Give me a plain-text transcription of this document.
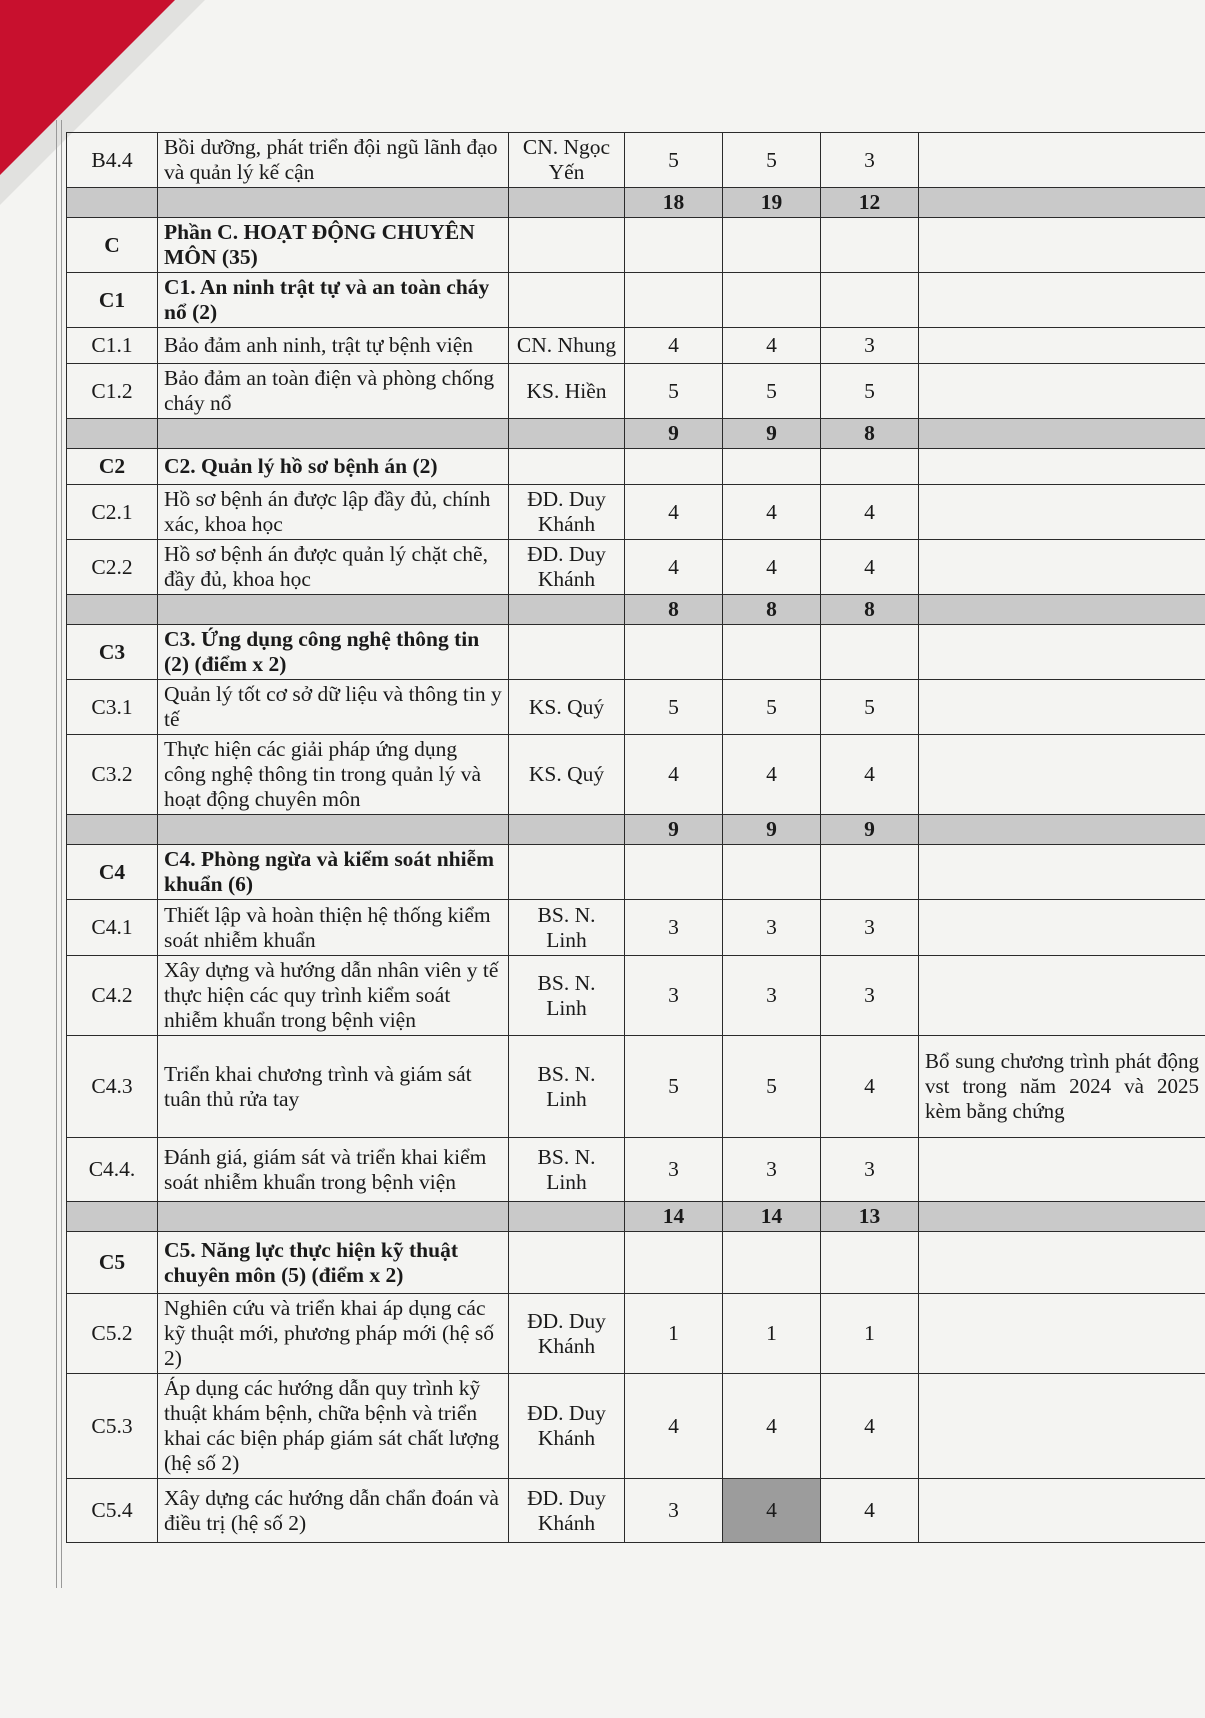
B4.4	Bồi dưỡng, phát triển đội ngũ lãnh đạo và quản lý kế cận	CN. Ngọc Yến	5	5	3	
			18	19	12	
C	Phần C. HOẠT ĐỘNG CHUYÊN MÔN (35)					
C1	C1. An ninh trật tự và an toàn cháy nổ (2)					
C1.1	Bảo đảm anh ninh, trật tự bệnh viện	CN. Nhung	4	4	3	
C1.2	Bảo đảm an toàn điện và phòng chống cháy nổ	KS. Hiền	5	5	5	
			9	9	8	
C2	C2. Quản lý hồ sơ bệnh án (2)					
C2.1	Hồ sơ bệnh án được lập đầy đủ, chính xác, khoa học	ĐD. Duy Khánh	4	4	4	
C2.2	Hồ sơ bệnh án được quản lý chặt chẽ, đầy đủ, khoa học	ĐD. Duy Khánh	4	4	4	
			8	8	8	
C3	C3. Ứng dụng công nghệ thông tin (2) (điểm x 2)					
C3.1	Quản lý tốt cơ sở dữ liệu và thông tin y tế	KS. Quý	5	5	5	
C3.2	Thực hiện các giải pháp ứng dụng công nghệ thông tin trong quản lý và hoạt động chuyên môn	KS. Quý	4	4	4	
			9	9	9	
C4	C4. Phòng ngừa và kiểm soát nhiễm khuẩn (6)					
C4.1	Thiết lập và hoàn thiện hệ thống kiểm soát nhiễm khuẩn	BS. N. Linh	3	3	3	
C4.2	Xây dựng và hướng dẫn nhân viên y tế thực hiện các quy trình kiểm soát nhiễm khuẩn trong bệnh viện	BS. N. Linh	3	3	3	
C4.3	Triển khai chương trình và giám sát tuân thủ rửa tay	BS. N. Linh	5	5	4	Bổ sung chương trình phát động vst trong năm 2024 và 2025 kèm bằng chứng
C4.4.	Đánh giá, giám sát và triển khai kiểm soát nhiễm khuẩn trong bệnh viện	BS. N. Linh	3	3	3	
			14	14	13	
C5	C5. Năng lực thực hiện kỹ thuật chuyên môn (5) (điểm x 2)					
C5.2	Nghiên cứu và triển khai áp dụng các kỹ thuật mới, phương pháp mới (hệ số 2)	ĐD. Duy Khánh	1	1	1	
C5.3	Áp dụng các hướng dẫn quy trình kỹ thuật khám bệnh, chữa bệnh và triển khai các biện pháp giám sát chất lượng (hệ số 2)	ĐD. Duy Khánh	4	4	4	
C5.4	Xây dựng các hướng dẫn chẩn đoán và điều trị (hệ số 2)	ĐD. Duy Khánh	3	4	4	
